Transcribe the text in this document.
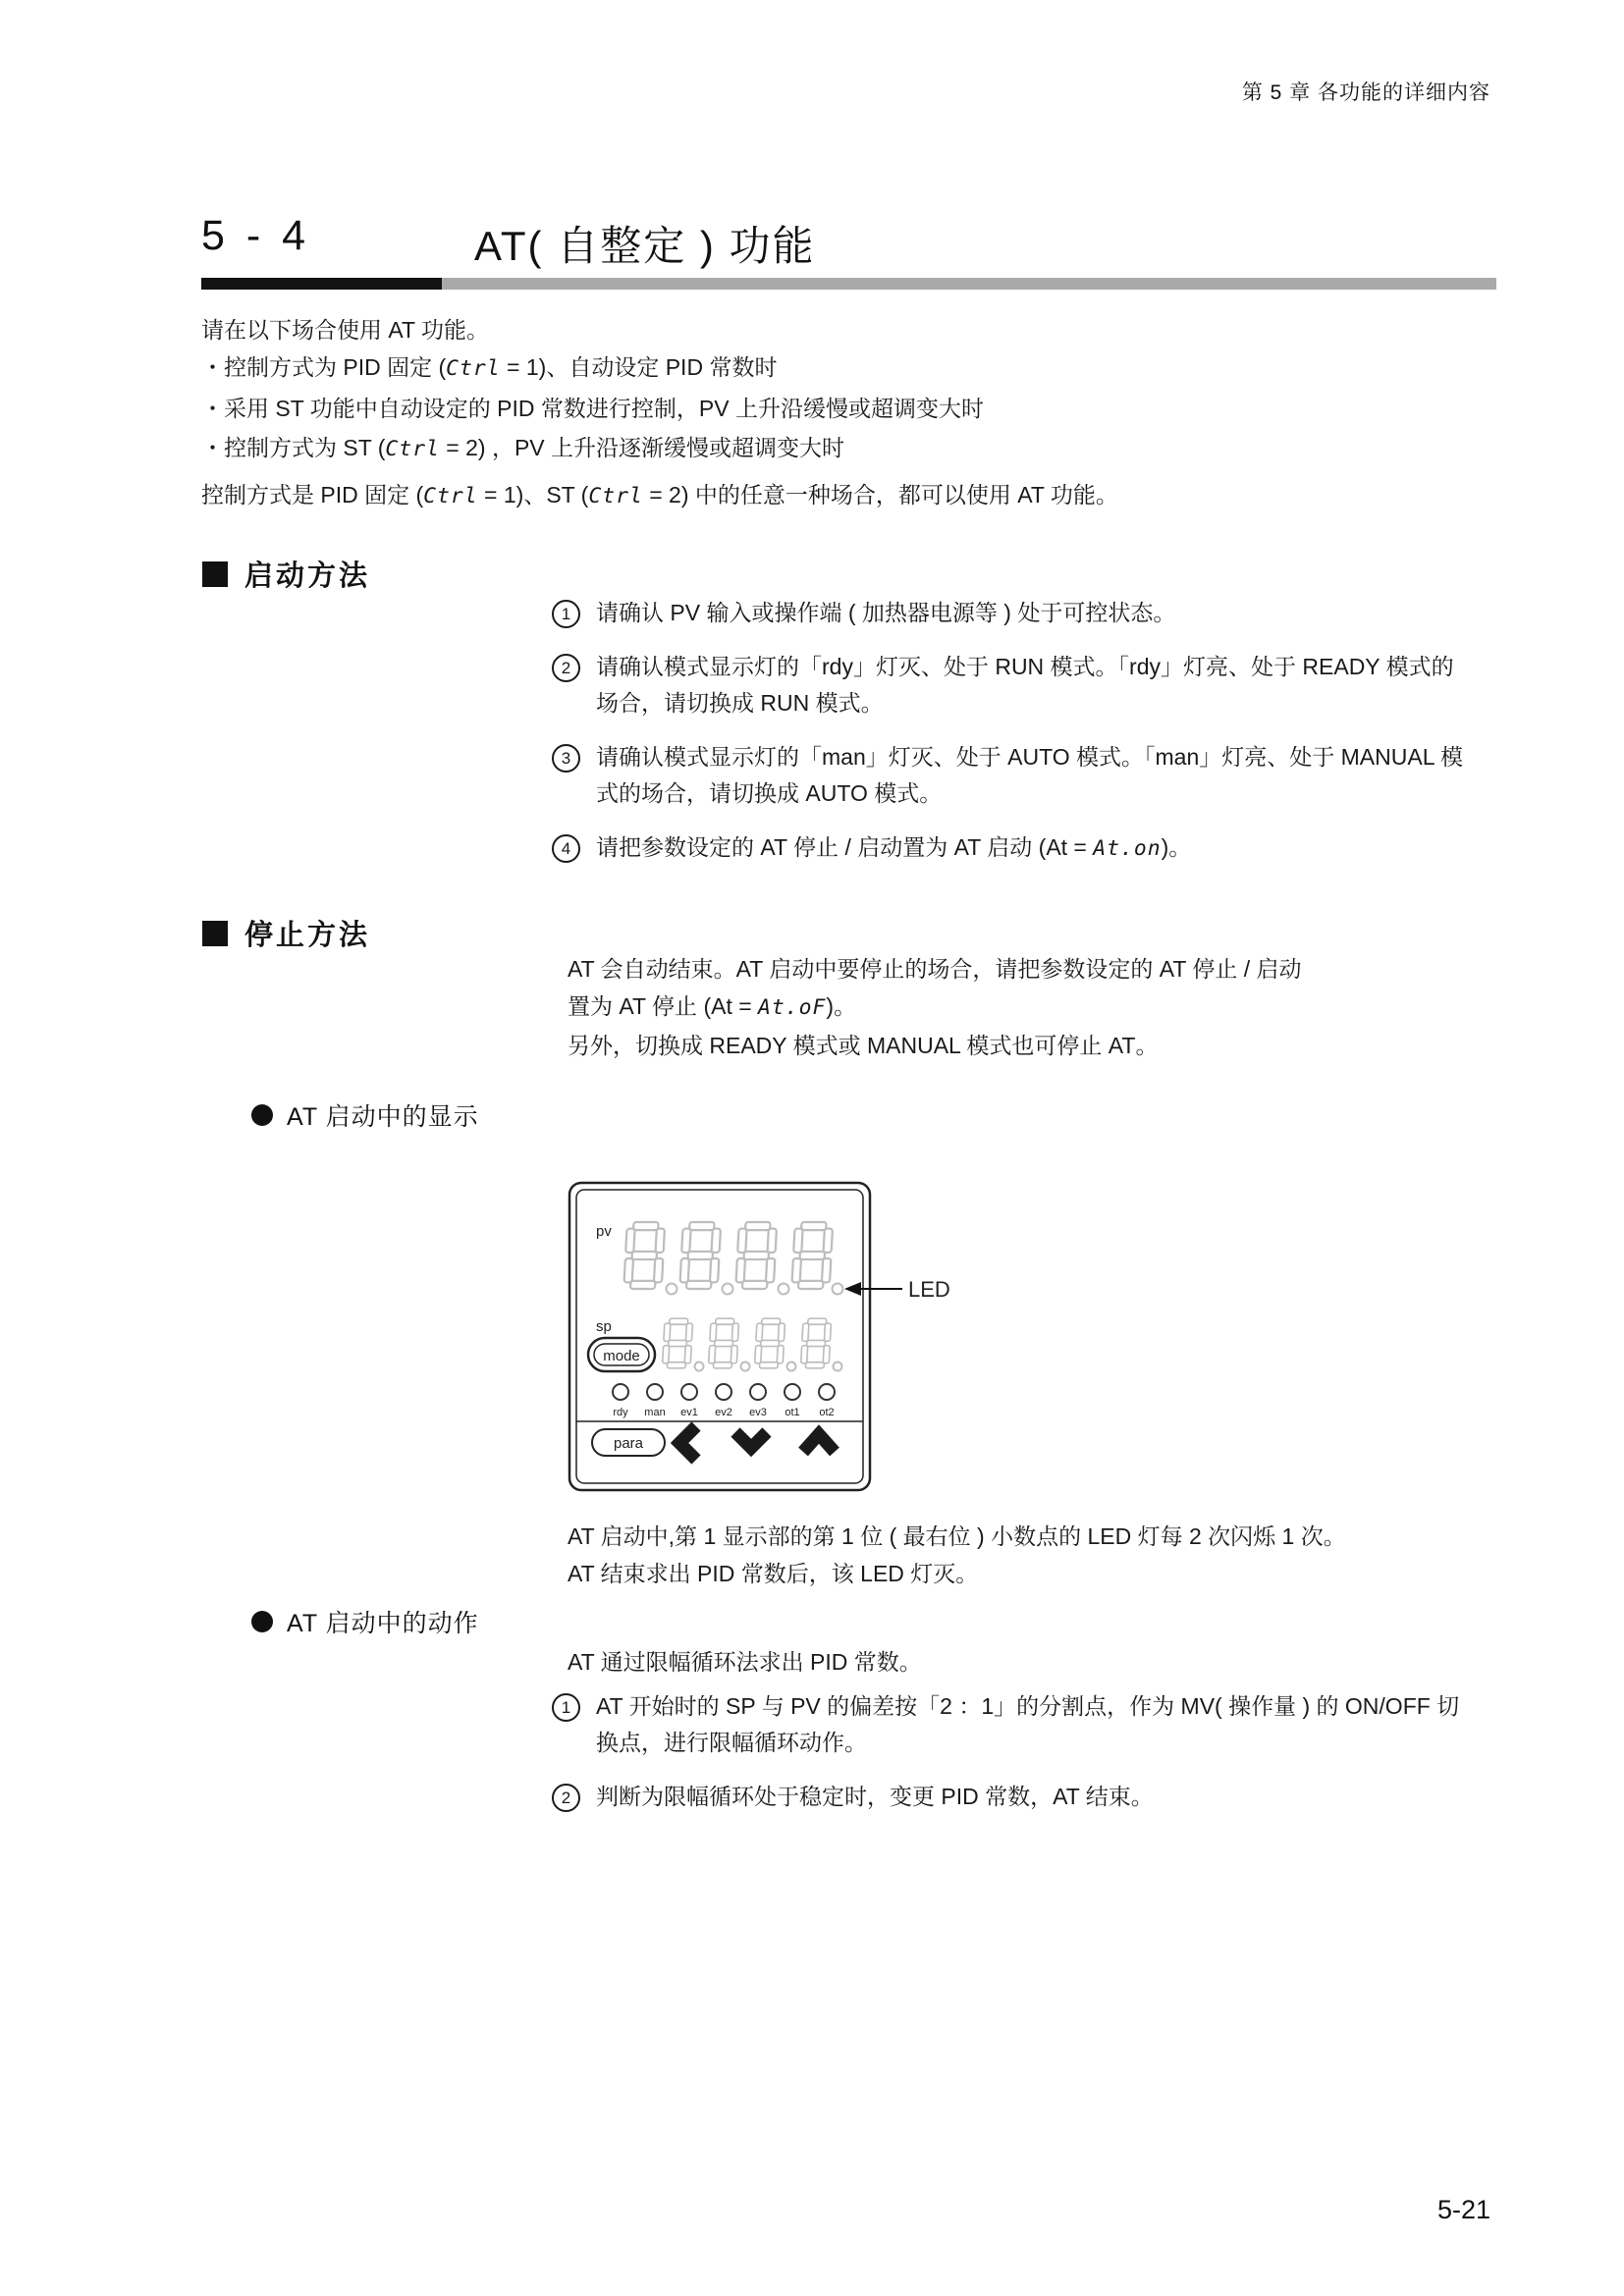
第 5 章 各功能的详细内容
5 - 4	AT( 自整定 ) 功能
请在以下场合使用 AT 功能。
・控制方式为 PID 固定 (Ctrl = 1)、自动设定 PID 常数时
・采用 ST 功能中自动设定的 PID 常数进行控制，PV 上升沿缓慢或超调变大时
・控制方式为 ST (Ctrl = 2) ，PV 上升沿逐渐缓慢或超调变大时
控制方式是 PID 固定 (Ctrl = 1)、ST (Ctrl = 2) 中的任意一种场合，都可以使用 AT 功能。
启动方法
1	请确认 PV 输入或操作端 ( 加热器电源等 ) 处于可控状态。
2	请确认模式显示灯的「rdy」灯灭、处于 RUN 模式。「rdy」灯亮、处于 READY 模式的场合，请切换成 RUN 模式。
3	请确认模式显示灯的「man」灯灭、处于 AUTO 模式。「man」灯亮、处于 MANUAL 模式的场合，请切换成 AUTO 模式。
4	请把参数设定的 AT 停止 / 启动置为 AT 启动 (At = At.on)。
停止方法
AT 会自动结束。AT 启动中要停止的场合，请把参数设定的 AT 停止 / 启动
置为 AT 停止 (At = At.oF)。
另外，切换成 READY 模式或 MANUAL 模式也可停止 AT。
AT 启动中的显示
pv
LED
sp
mode
rdy man ev1 ev2 ev3 ot1 ot2
para
AT 启动中,第 1 显示部的第 1 位 ( 最右位 ) 小数点的 LED 灯每 2 次闪烁 1 次。
AT 结束求出 PID 常数后，该 LED 灯灭。
AT 启动中的动作
AT 通过限幅循环法求出 PID 常数。
1	AT 开始时的 SP 与 PV 的偏差按「2 ：1」的分割点，作为 MV( 操作量 ) 的 ON/OFF 切换点，进行限幅循环动作。
2	判断为限幅循环处于稳定时，变更 PID 常数，AT 结束。
5-21
